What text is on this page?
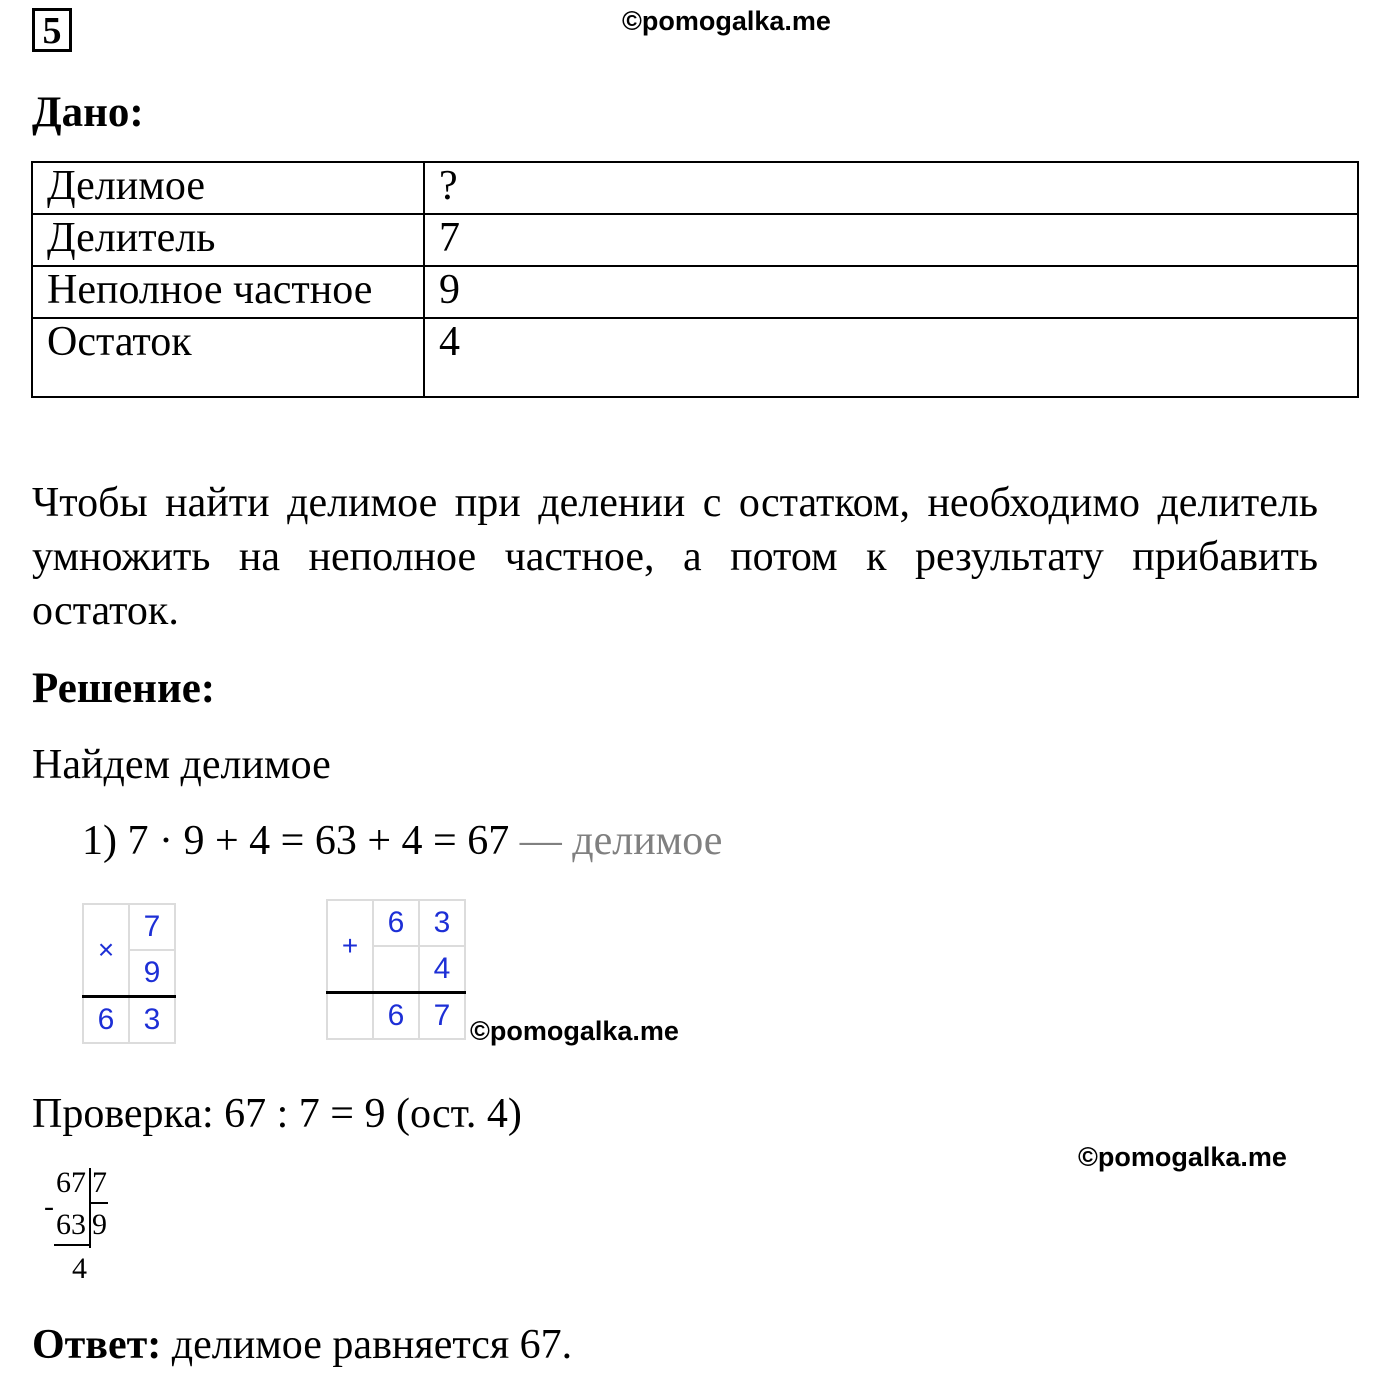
5	©pomogalka.me
©pomogalka.me
©pomogalka.me
Дано:
Делимое	?
Делитель	7
Неполное частное	9
Остаток	4
Чтобы найти делимое при делении с остатком, необходимо делитель умножить на неполное частное, а потом к результату прибавить остаток.
Решение:
Найдем делимое
1) 7 · 9 + 4 = 63 + 4 = 67 — делимое
×	7
	9
6	3
+	6	3
		4
	6	7
Проверка: 67 : 7 = 9 (ост. 4)
67 7
-
63 9
4
Ответ: делимое равняется 67.
